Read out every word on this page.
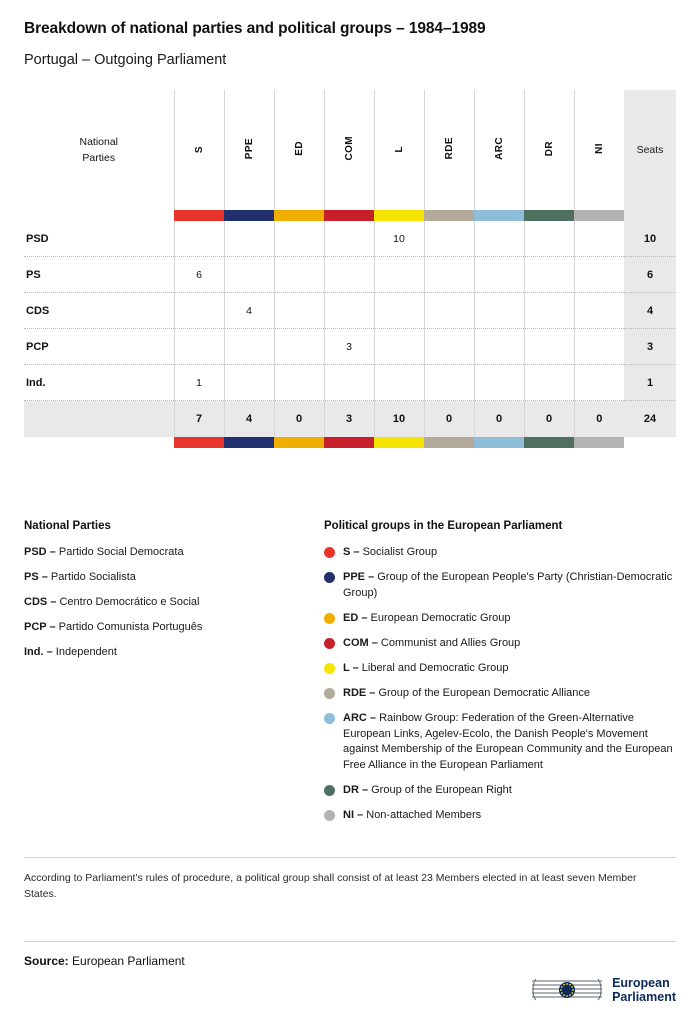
Breakdown of national parties and political groups – 1984–1989
Portugal – Outgoing Parliament
National
Parties	S	PPE	ED	COM	L	RDE	ARC	DR	NI	Seats

PSD					10					10
PS	6									6
CDS		4								4
PCP				3						3
Ind.	1									1
	7	4	0	3	10	0	0	0	0	24

National Parties
PSD – Partido Social Democrata
PS – Partido Socialista
CDS – Centro Democrático e Social
PCP – Partido Comunista Português
Ind. – Independent
Political groups in the European Parliament
S – Socialist Group
PPE – Group of the European People's Party (Christian-Democratic Group)
ED – European Democratic Group
COM – Communist and Allies Group
L – Liberal and Democratic Group
RDE – Group of the European Democratic Alliance
ARC – Rainbow Group: Federation of the Green-Alternative European Links, Agelev-Ecolo, the Danish People's Movement against Membership of the European Community and the European Free Alliance in the European Parliament
DR – Group of the European Right
NI – Non-attached Members
According to Parliament's rules of procedure, a political group shall consist of at least 23 Members elected in at least seven Member States.
Source: European Parliament
European
Parliament
